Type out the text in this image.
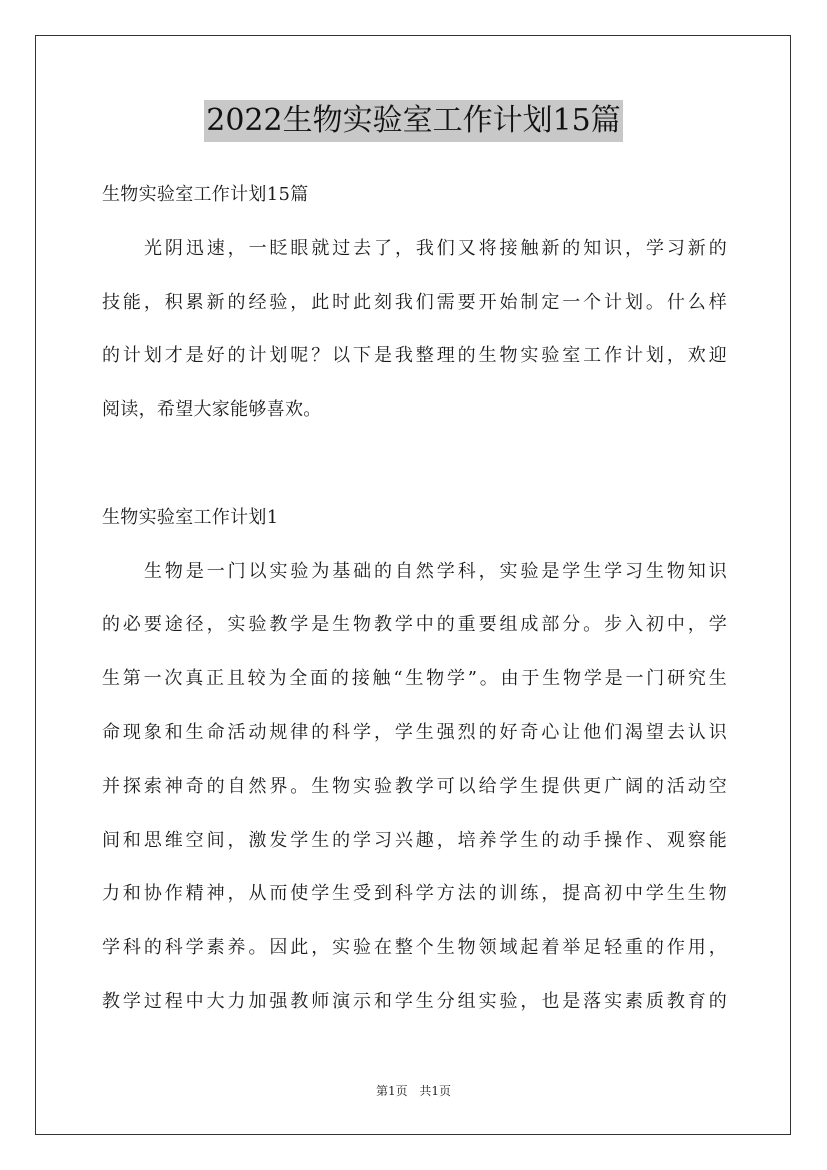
2022生物实验室工作计划15篇
生物实验室工作计划15篇
光阴迅速，一眨眼就过去了，我们又将接触新的知识，学习新的
技能，积累新的经验，此时此刻我们需要开始制定一个计划。什么样
的计划才是好的计划呢？以下是我整理的生物实验室工作计划，欢迎
阅读，希望大家能够喜欢。
生物实验室工作计划1
生物是一门以实验为基础的自然学科，实验是学生学习生物知识
的必要途径，实验教学是生物教学中的重要组成部分。步入初中，学
生第一次真正且较为全面的接触“生物学”。由于生物学是一门研究生
命现象和生命活动规律的科学，学生强烈的好奇心让他们渴望去认识
并探索神奇的自然界。生物实验教学可以给学生提供更广阔的活动空
间和思维空间，激发学生的学习兴趣，培养学生的动手操作、观察能
力和协作精神，从而使学生受到科学方法的训练，提高初中学生生物
学科的科学素养。因此，实验在整个生物领域起着举足轻重的作用，
教学过程中大力加强教师演示和学生分组实验，也是落实素质教育的
第1页 共1页
